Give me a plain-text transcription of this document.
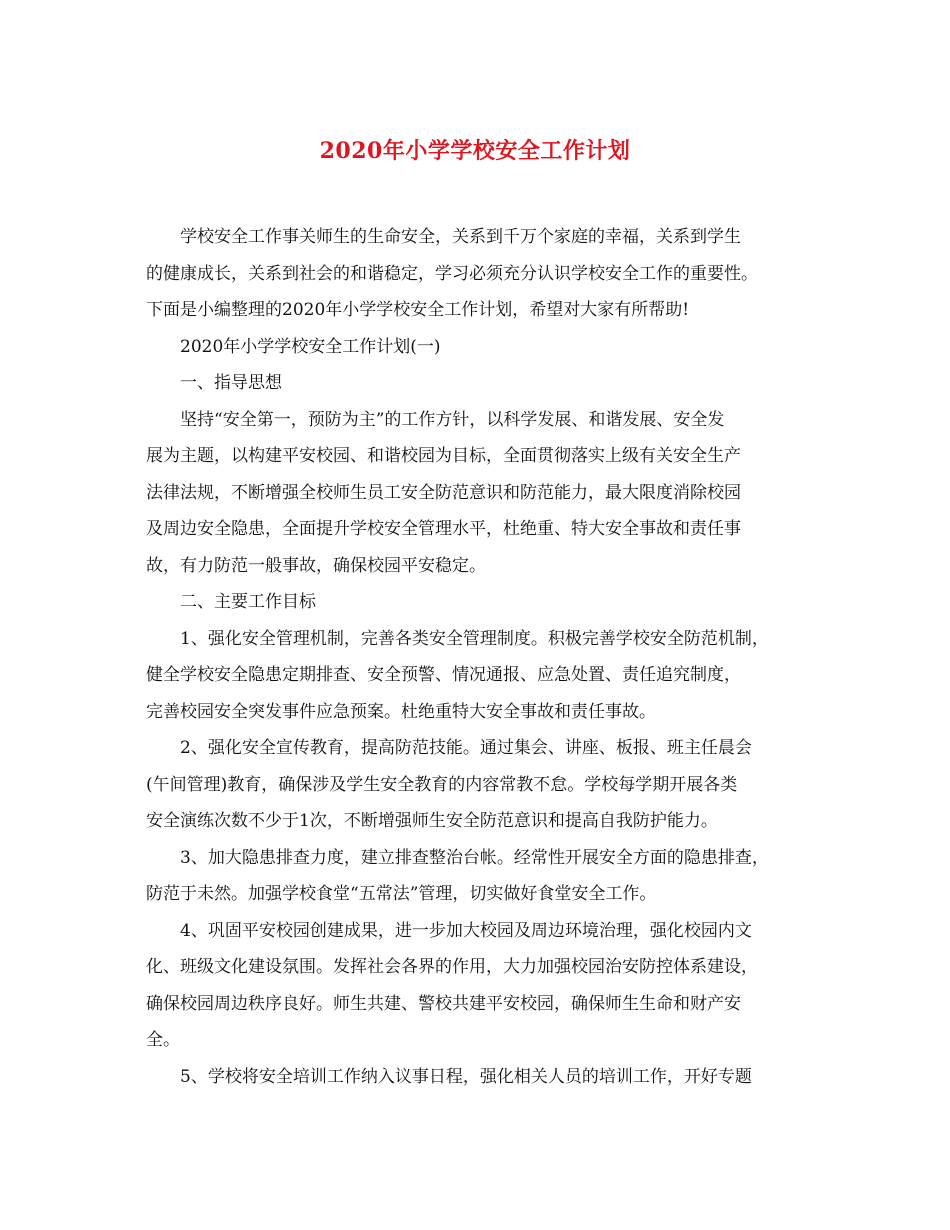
2020年小学学校安全工作计划
学校安全工作事关师生的生命安全，关系到千万个家庭的幸福，关系到学生
的健康成长，关系到社会的和谐稳定，学习必须充分认识学校安全工作的重要性。
下面是小编整理的2020年小学学校安全工作计划，希望对大家有所帮助!
2020年小学学校安全工作计划(一)
一、指导思想
坚持“安全第一，预防为主”的工作方针，以科学发展、和谐发展、安全发
展为主题，以构建平安校园、和谐校园为目标，全面贯彻落实上级有关安全生产
法律法规，不断增强全校师生员工安全防范意识和防范能力，最大限度消除校园
及周边安全隐患，全面提升学校安全管理水平，杜绝重、特大安全事故和责任事
故，有力防范一般事故，确保校园平安稳定。
二、主要工作目标
1、强化安全管理机制，完善各类安全管理制度。积极完善学校安全防范机制，
健全学校安全隐患定期排查、安全预警、情况通报、应急处置、责任追究制度，
完善校园安全突发事件应急预案。杜绝重特大安全事故和责任事故。
2、强化安全宣传教育，提高防范技能。通过集会、讲座、板报、班主任晨会
(午间管理)教育，确保涉及学生安全教育的内容常教不怠。学校每学期开展各类
安全演练次数不少于1次，不断增强师生安全防范意识和提高自我防护能力。
3、加大隐患排查力度，建立排查整治台帐。经常性开展安全方面的隐患排查，
防范于未然。加强学校食堂“五常法”管理，切实做好食堂安全工作。
4、巩固平安校园创建成果，进一步加大校园及周边环境治理，强化校园内文
化、班级文化建设氛围。发挥社会各界的作用，大力加强校园治安防控体系建设，
确保校园周边秩序良好。师生共建、警校共建平安校园，确保师生生命和财产安
全。
5、学校将安全培训工作纳入议事日程，强化相关人员的培训工作，开好专题
